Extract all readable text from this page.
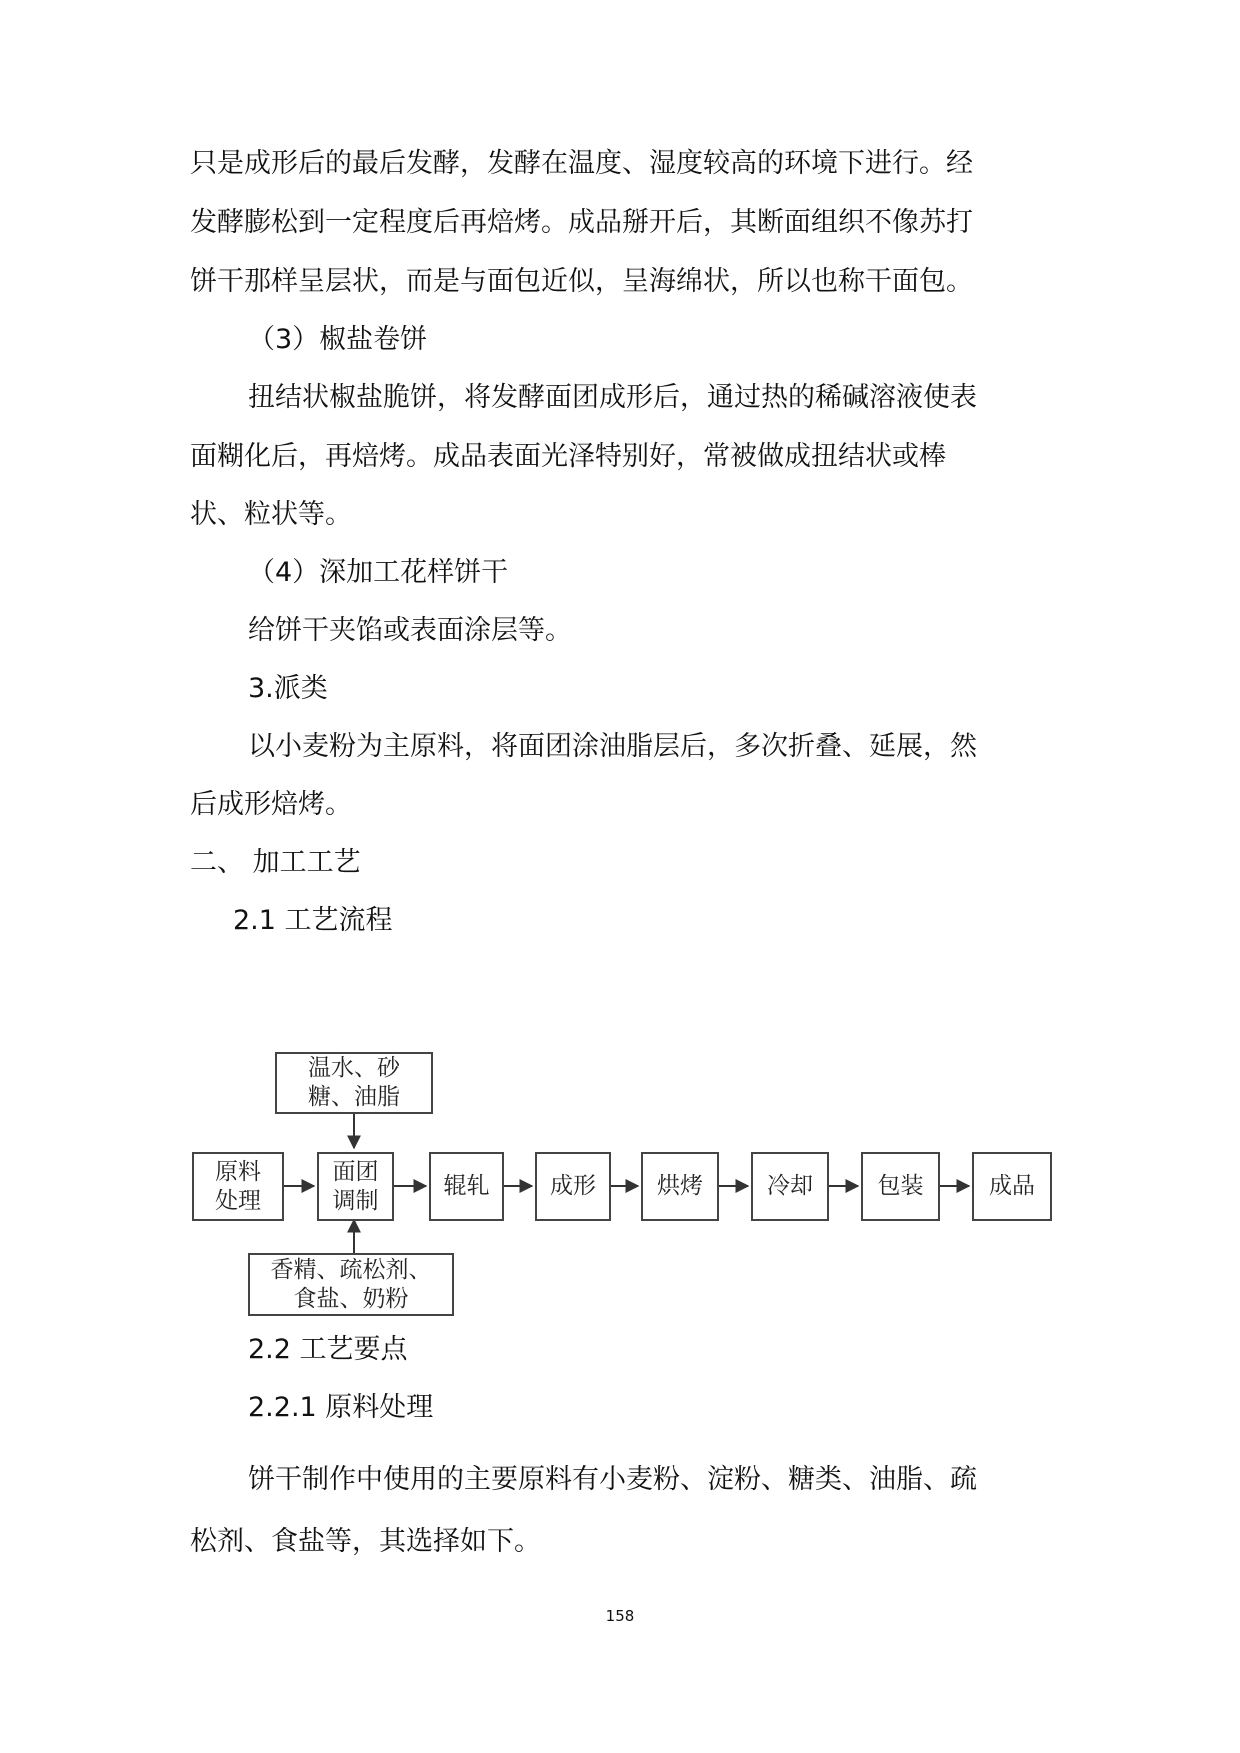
只是成形后的最后发酵，发酵在温度、湿度较高的环境下进行。经

发酵膨松到一定程度后再焙烤。成品掰开后，其断面组织不像苏打

饼干那样呈层状，而是与面包近似，呈海绵状，所以也称干面包。

（3）椒盐卷饼

扭结状椒盐脆饼，将发酵面团成形后，通过热的稀碱溶液使表

面糊化后，再焙烤。成品表面光泽特别好，常被做成扭结状或棒

状、粒状等。

（4）深加工花样饼干

给饼干夹馅或表面涂层等。

3.派类

以小麦粉为主原料，将面团涂油脂层后，多次折叠、延展，然

后成形焙烤。

二、 加工工艺

2.1 工艺流程

温水、砂
糖、油脂
原料
处理
面团
调制
辊轧	成形	烘烤	冷却	包装	成品
香精、疏松剂、
食盐、奶粉

2.2 工艺要点

2.2.1 原料处理

饼干制作中使用的主要原料有小麦粉、淀粉、糖类、油脂、疏

松剂、食盐等，其选择如下。

158
